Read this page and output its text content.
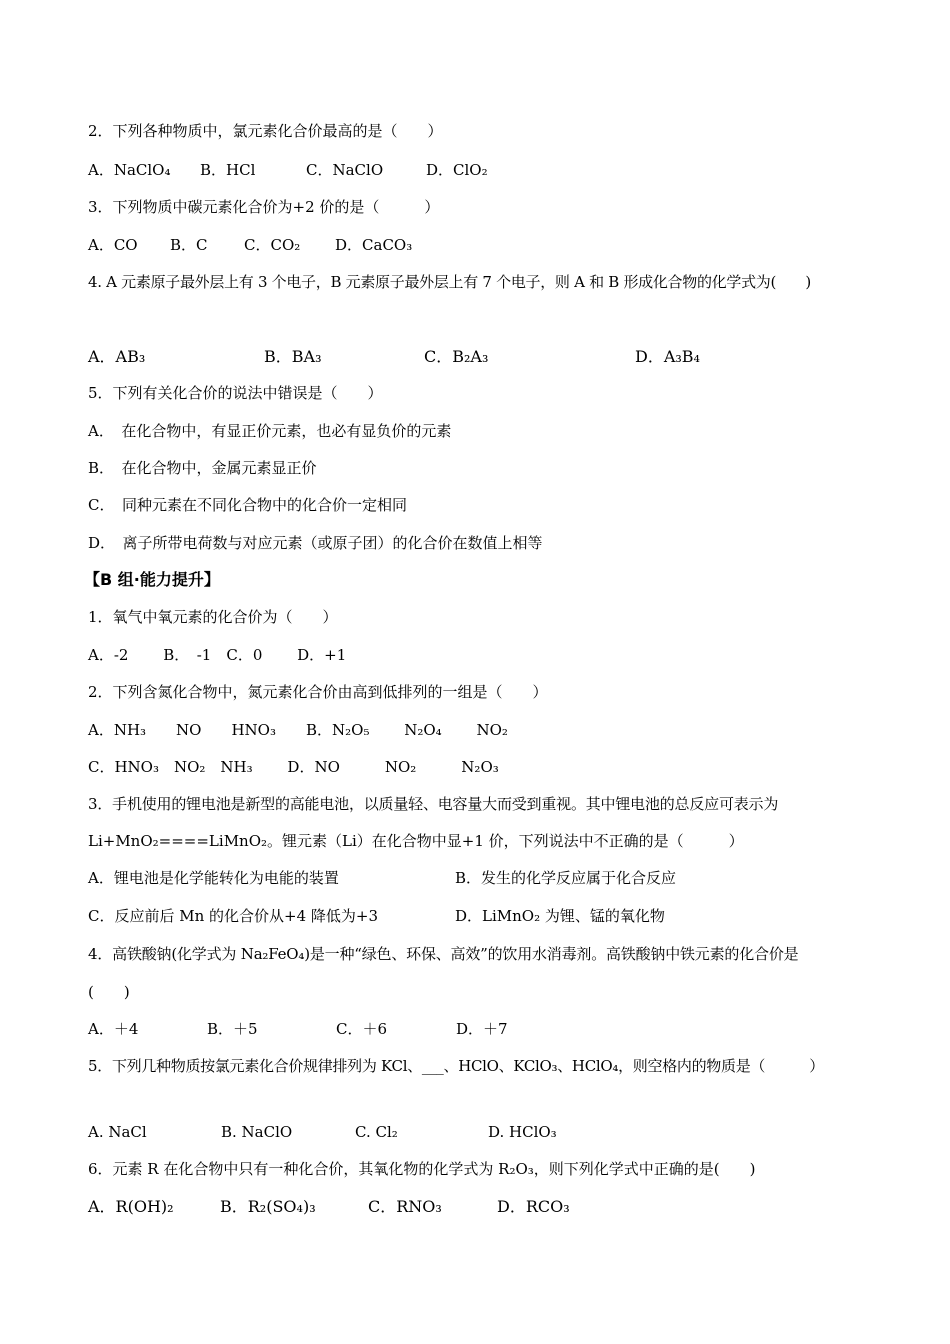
2．下列各种物质中，氯元素化合价最高的是（　　）
A．NaClO₄ B．HCl	C．NaClO	D．ClO₂
3．下列物质中碳元素化合价为+2 价的是（　　　）
A．CO B．C C．CO₂ D．CaCO₃
4. A 元素原子最外层上有 3 个电子，B 元素原子最外层上有 7 个电子，则 A 和 B 形成化合物的化学式为(　　)
A．AB₃	B．BA₃	C．B₂A₃	D．A₃B₄
5．下列有关化合价的说法中错误是（　　）
A．　在化合物中，有显正价元素，也必有显负价的元素
B．　在化合物中，金属元素显正价
C．　同种元素在不同化合物中的化合价一定相同
D．　离子所带电荷数与对应元素（或原子团）的化合价在数值上相等
【B 组·能力提升】
1．氧气中氧元素的化合价为（　　）
A．-2　　 B．　-1　C．0　　 D．+1
2．下列含氮化合物中，氮元素化合价由高到低排列的一组是（　　）
A．NH₃　　NO　　HNO₃　　B．N₂O₅　　 N₂O₄　　 NO₂
C．HNO₃　NO₂　NH₃　　 D．NO　　　NO₂　　　N₂O₃
3．手机使用的锂电池是新型的高能电池，以质量轻、电容量大而受到重视。其中锂电池的总反应可表示为
Li+MnO₂====LiMnO₂。锂元素（Li）在化合物中显+1 价，下列说法中不正确的是（　　　）
A．锂电池是化学能转化为电能的装置	B．发生的化学反应属于化合反应
C．反应前后 Mn 的化合价从+4 降低为+3	D．LiMnO₂ 为锂、锰的氧化物
4．高铁酸钠(化学式为 Na₂FeO₄)是一种“绿色、环保、高效”的饮用水消毒剂。高铁酸钠中铁元素的化合价是
(　　)
A．＋4	B．＋5	C．＋6	D．＋7
5．下列几种物质按氯元素化合价规律排列为 KCl、___、HClO、KClO₃、HClO₄，则空格内的物质是（　　　）
A. NaCl	B. NaClO	C. Cl₂	D. HClO₃
6．元素 R 在化合物中只有一种化合价，其氧化物的化学式为 R₂O₃，则下列化学式中正确的是(　　)
A．R(OH)₂	B．R₂(SO₄)₃	C．RNO₃	D．RCO₃
